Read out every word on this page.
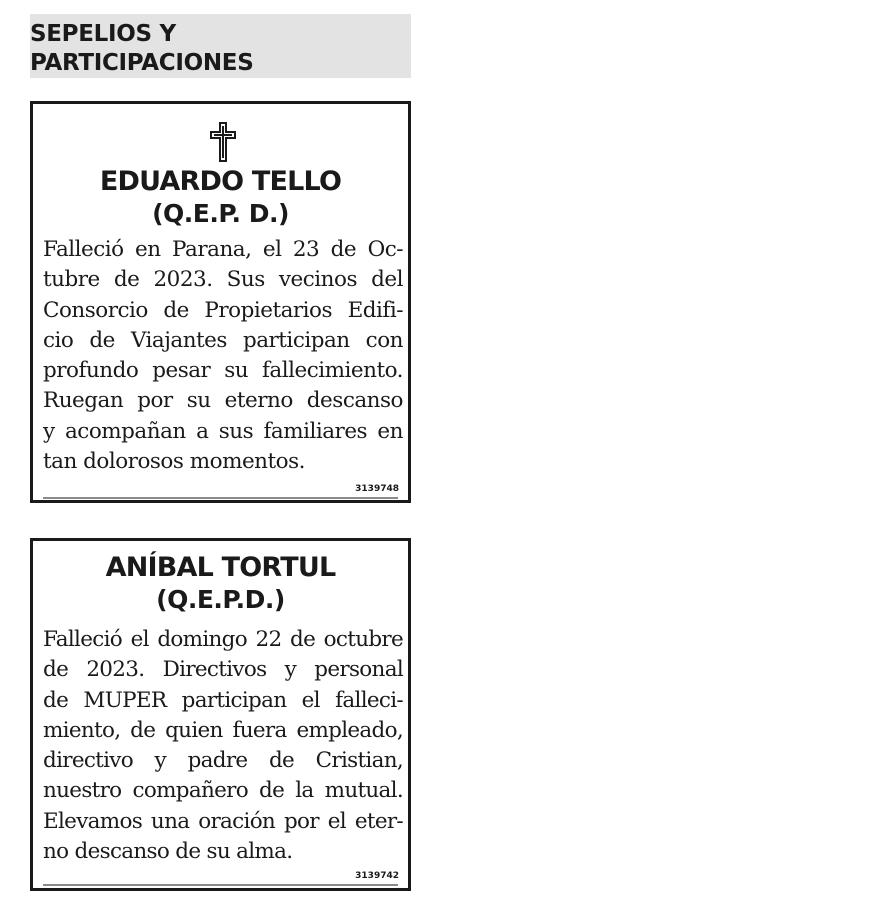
SEPELIOS Y
PARTICIPACIONES
EDUARDO TELLO
(Q.E.P. D.)
Falleció en Parana, el 23 de Oc-
tubre de 2023. Sus vecinos del
Consorcio de Propietarios Edifi-
cio de Viajantes participan con
profundo pesar su fallecimiento.
Ruegan por su eterno descanso
y acompañan a sus familiares en
tan dolorosos momentos.
3139748
ANÍBAL TORTUL
(Q.E.P.D.)
Falleció el domingo 22 de octubre
de 2023. Directivos y personal
de MUPER participan el falleci-
miento, de quien fuera empleado,
directivo y padre de Cristian,
nuestro compañero de la mutual.
Elevamos una oración por el eter-
no descanso de su alma.
3139742
